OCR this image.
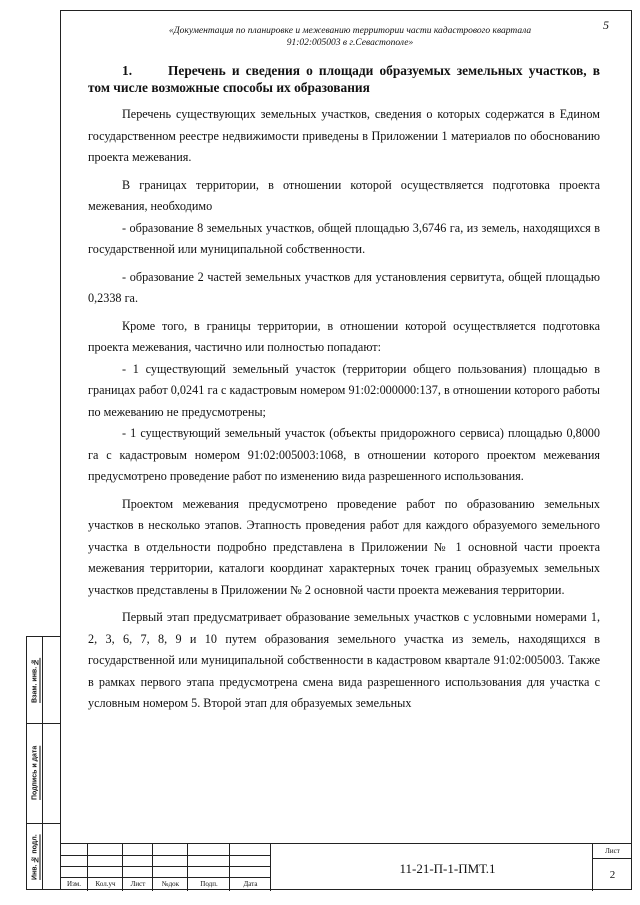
5
«Документация по планировке и межеванию территории части кадастрового квартала
91:02:005003 в г.Севастополе»
1.	Перечень и сведения о площади образуемых земельных участков, в том числе возможные способы их образования

Перечень существующих земельных участков, сведения о которых содержатся в Едином государственном реестре недвижимости приведены в Приложении 1 материалов по обоснованию проекта межевания.

В границах территории, в отношении которой осуществляется подготовка проекта межевания, необходимо

- образование 8 земельных участков, общей площадью 3,6746 га, из земель, находящихся в государственной или муниципальной собственности.

- образование 2 частей земельных участков для установления сервитута, общей площадью 0,2338 га.

Кроме того, в границы территории, в отношении которой осуществляется подготовка проекта межевания, частично или полностью попадают:

- 1 существующий земельный участок (территории общего пользования) площадью в границах работ 0,0241 га с кадастровым номером 91:02:000000:137, в отношении которого работы по межеванию не предусмотрены;

- 1 существующий земельный участок (объекты придорожного сервиса) площадью 0,8000 га с кадастровым номером 91:02:005003:1068, в отношении которого проектом межевания предусмотрено проведение работ по изменению вида разрешенного использования.

Проектом межевания предусмотрено проведение работ по образованию земельных участков в несколько этапов. Этапность проведения работ для каждого образуемого земельного участка в отдельности подробно представлена в Приложении № 1 основной части проекта межевания территории, каталоги координат характерных точек границ образуемых земельных участков представлены в Приложении № 2 основной части проекта межевания территории.

Первый этап предусматривает образование земельных участков с условными номерами 1, 2, 3, 6, 7, 8, 9 и 10 путем образования земельного участка из земель, находящихся в государственной или муниципальной собственности в кадастровом квартале 91:02:005003. Также в рамках первого этапа предусмотрена смена вида разрешенного использования для участка с условным номером 5. Второй этап для образуемых земельных

Взам. инв. №
Подпись и дата
Инв. № подл.
Изм.	Кол.уч	Лист	№док	Подп.	Дата
11-21-П-1-ПМТ.1
Лист
2
